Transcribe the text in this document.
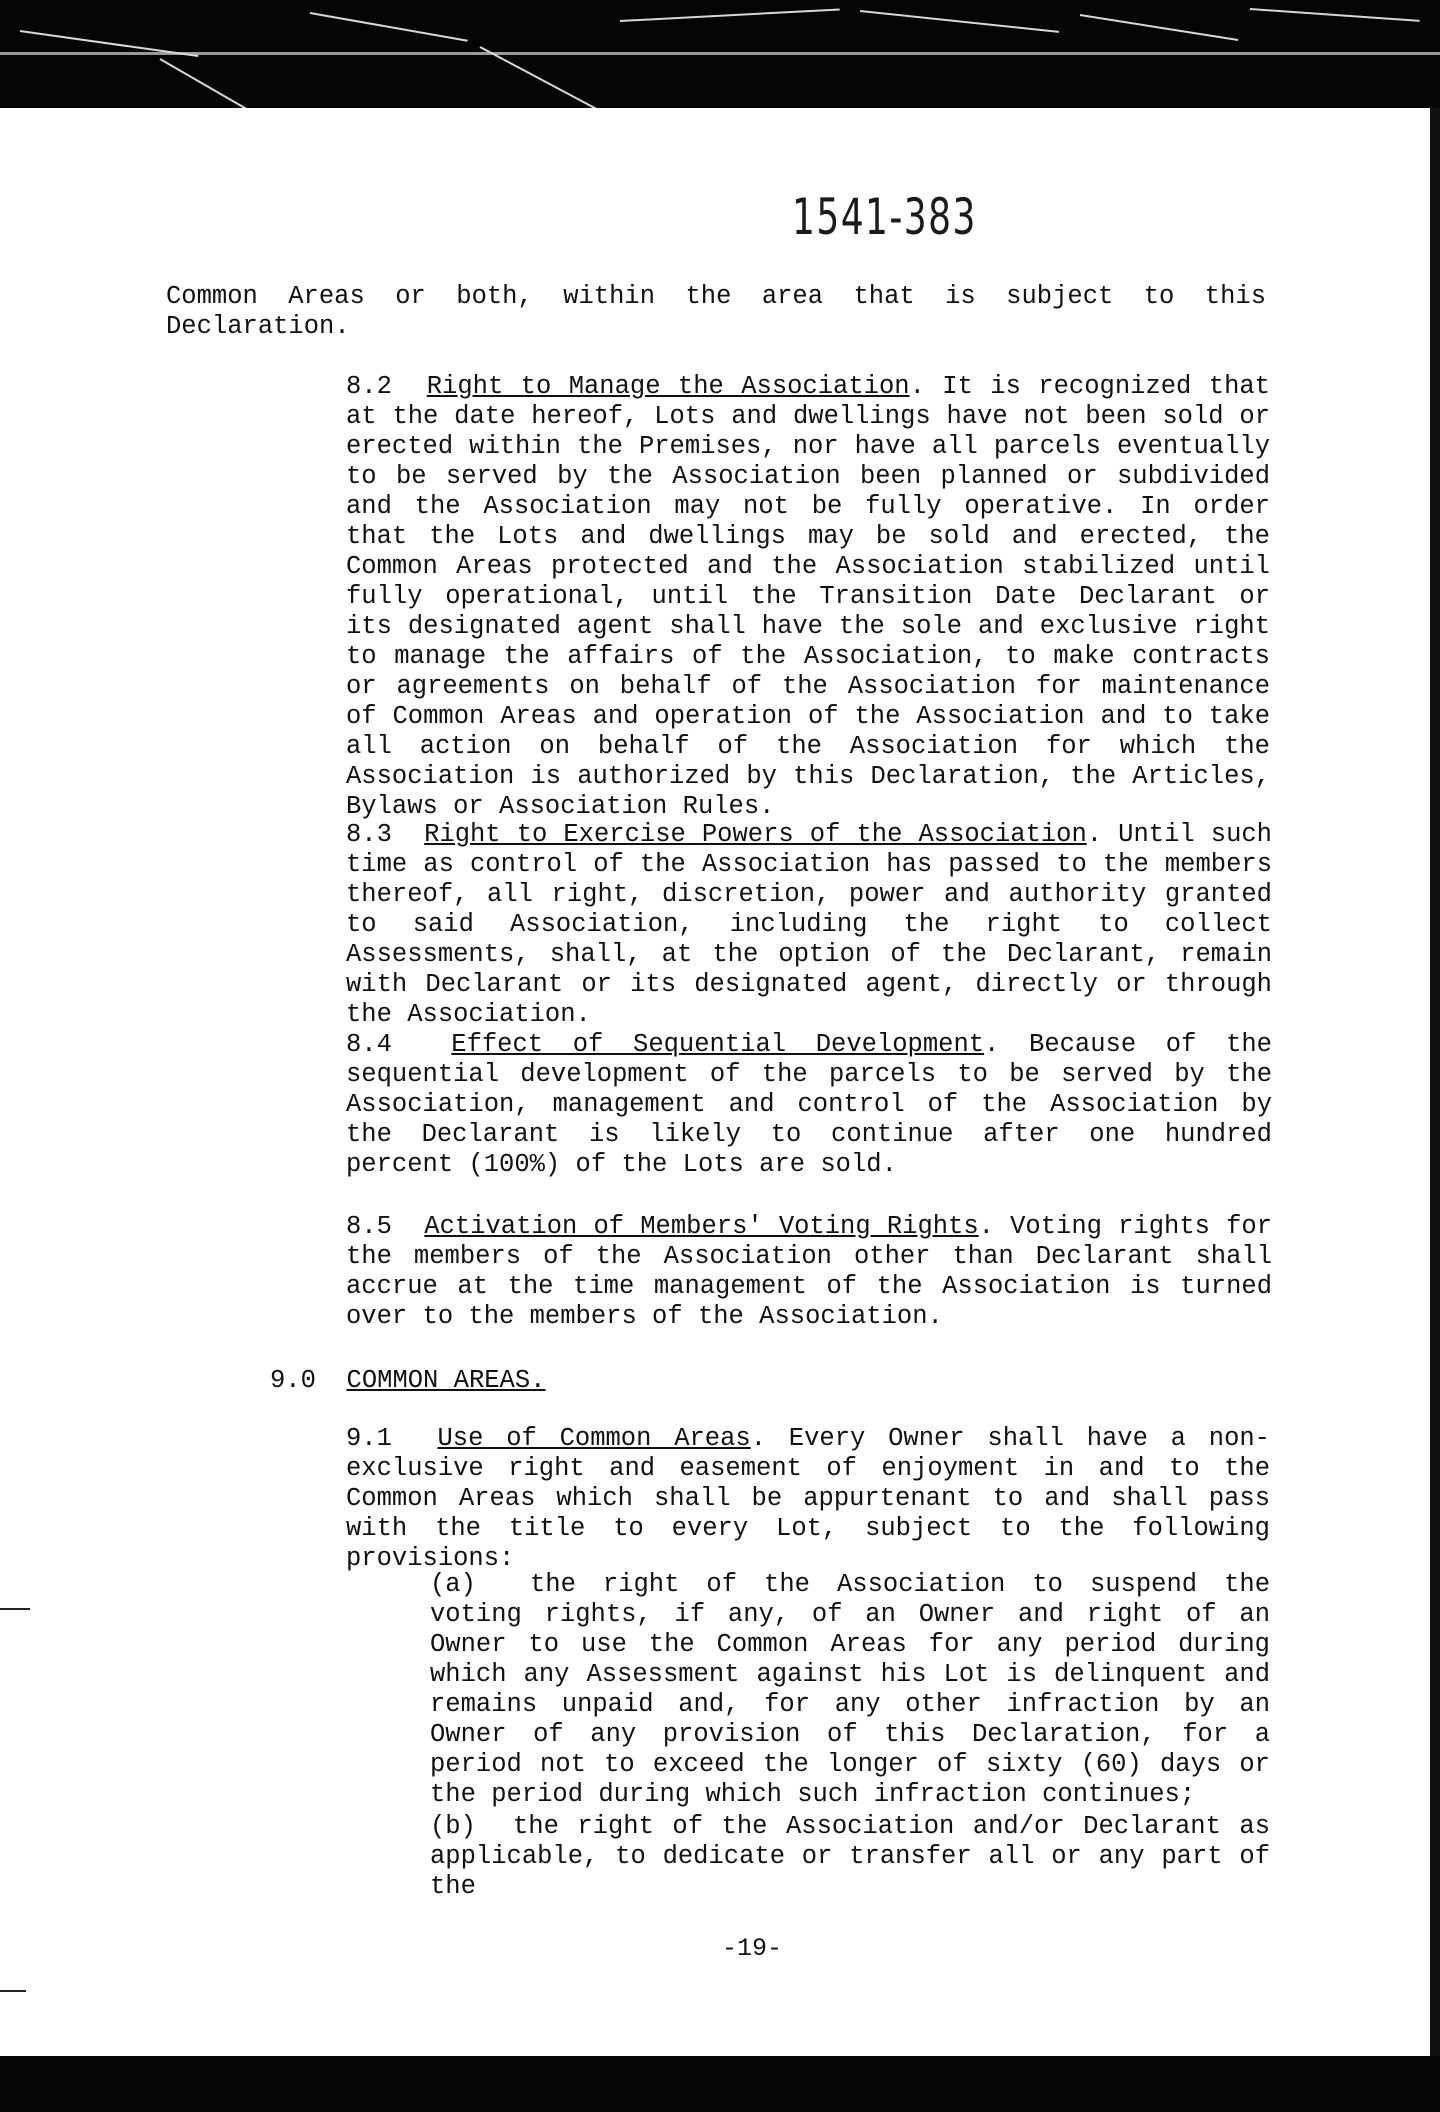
1541-383
Common Areas or both, within the area that is subject to this Declaration.
8.2 Right to Manage the Association. It is recognized that at the date hereof, Lots and dwellings have not been sold or erected within the Premises, nor have all parcels eventually to be served by the Association been planned or subdivided and the Association may not be fully operative. In order that the Lots and dwellings may be sold and erected, the Common Areas protected and the Association stabilized until fully operational, until the Transition Date Declarant or its designated agent shall have the sole and exclusive right to manage the affairs of the Association, to make contracts or agreements on behalf of the Association for maintenance of Common Areas and operation of the Association and to take all action on behalf of the Association for which the Association is authorized by this Declaration, the Articles, Bylaws or Association Rules.
8.3 Right to Exercise Powers of the Association. Until such time as control of the Association has passed to the members thereof, all right, discretion, power and authority granted to said Association, including the right to collect Assessments, shall, at the option of the Declarant, remain with Declarant or its designated agent, directly or through the Association.
8.4 Effect of Sequential Development. Because of the sequential development of the parcels to be served by the Association, management and control of the Association by the Declarant is likely to continue after one hundred percent (100%) of the Lots are sold.
8.5 Activation of Members' Voting Rights. Voting rights for the members of the Association other than Declarant shall accrue at the time management of the Association is turned over to the members of the Association.
9.0 COMMON AREAS.
9.1 Use of Common Areas. Every Owner shall have a non-exclusive right and easement of enjoyment in and to the Common Areas which shall be appurtenant to and shall pass with the title to every Lot, subject to the following provisions:
(a) the right of the Association to suspend the voting rights, if any, of an Owner and right of an Owner to use the Common Areas for any period during which any Assessment against his Lot is delinquent and remains unpaid and, for any other infraction by an Owner of any provision of this Declaration, for a period not to exceed the longer of sixty (60) days or the period during which such infraction continues;
(b) the right of the Association and/or Declarant as applicable, to dedicate or transfer all or any part of the
-19-
